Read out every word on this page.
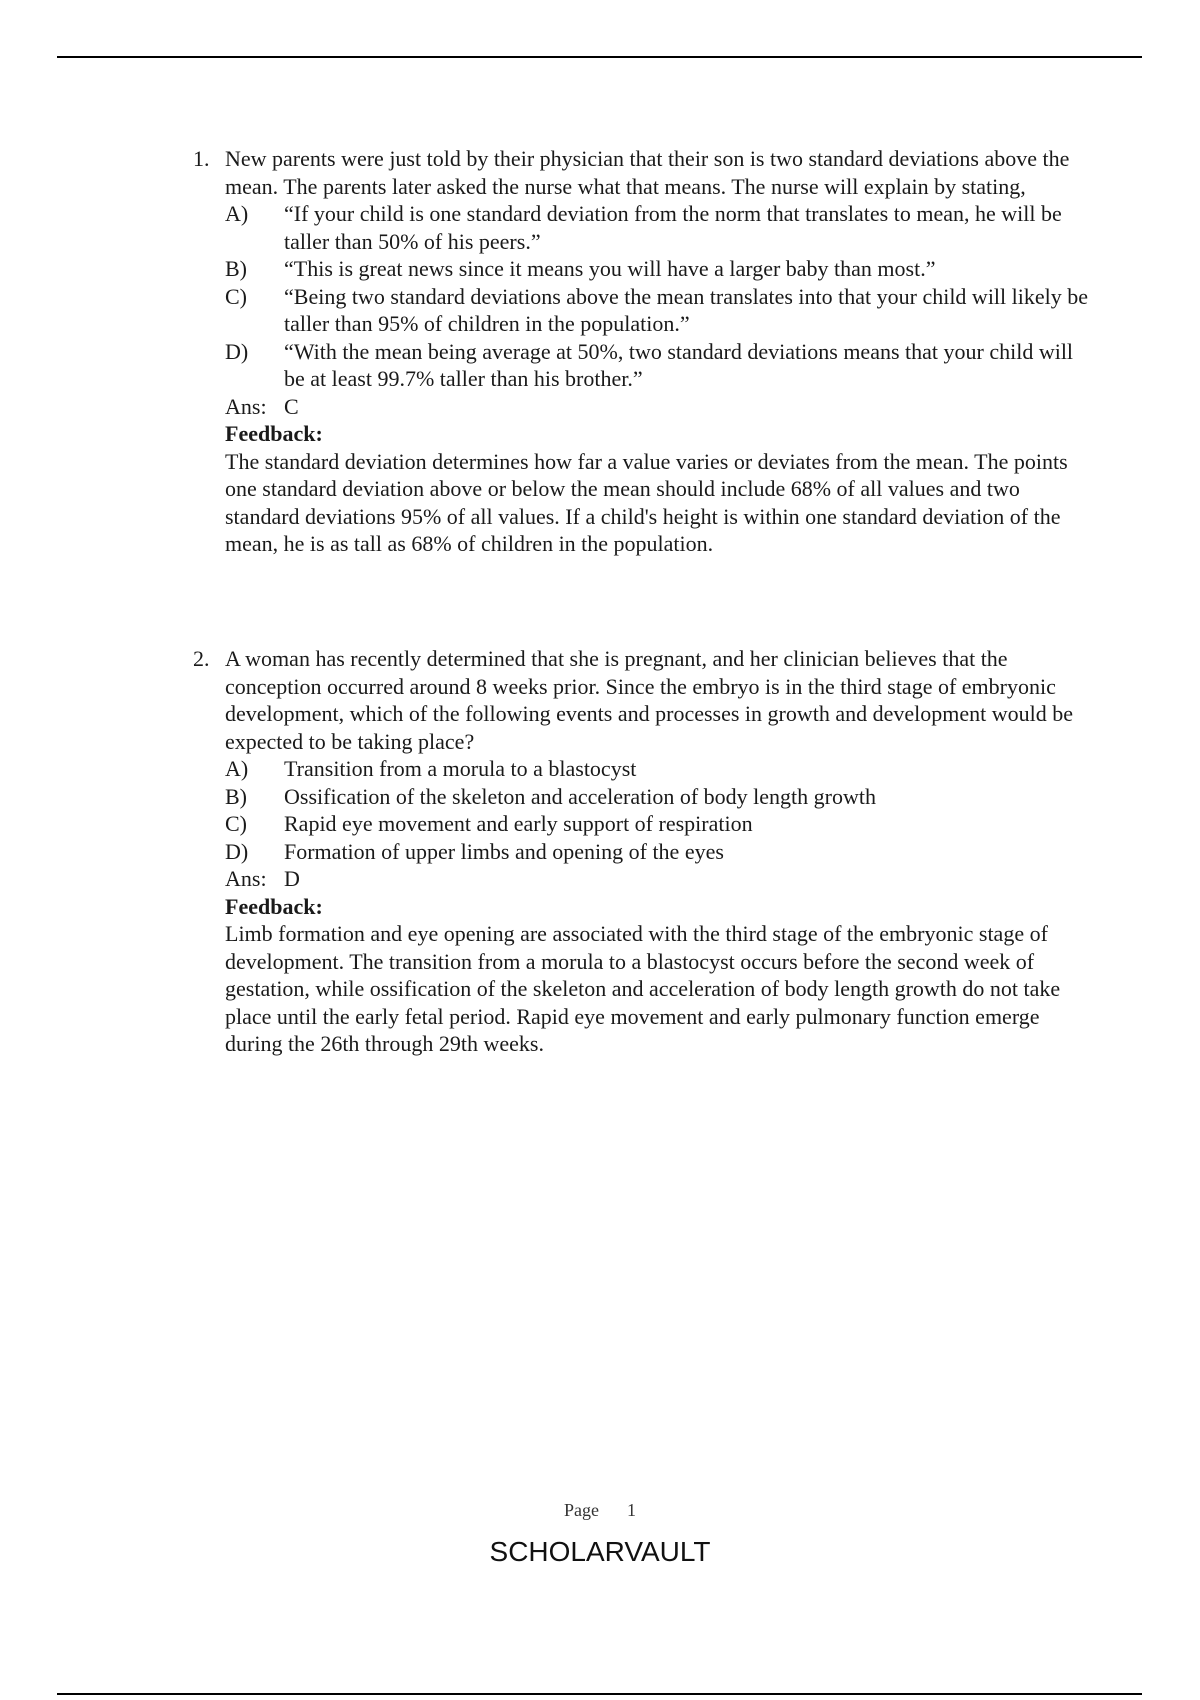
1. New parents were just told by their physician that their son is two standard deviations above the mean. The parents later asked the nurse what that means. The nurse will explain by stating,

A) “If your child is one standard deviation from the norm that translates to mean, he will be taller than 50% of his peers.”
B) “This is great news since it means you will have a larger baby than most.”
C) “Being two standard deviations above the mean translates into that your child will likely be taller than 95% of children in the population.”
D) “With the mean being average at 50%, two standard deviations means that your child will be at least 99.7% taller than his brother.”
Ans: C
Feedback:
The standard deviation determines how far a value varies or deviates from the mean. The points one standard deviation above or below the mean should include 68% of all values and two standard deviations 95% of all values. If a child's height is within one standard deviation of the mean, he is as tall as 68% of children in the population.
2. A woman has recently determined that she is pregnant, and her clinician believes that the conception occurred around 8 weeks prior. Since the embryo is in the third stage of embryonic development, which of the following events and processes in growth and development would be expected to be taking place?

A) Transition from a morula to a blastocyst
B) Ossification of the skeleton and acceleration of body length growth
C) Rapid eye movement and early support of respiration
D) Formation of upper limbs and opening of the eyes
Ans: D
Feedback:
Limb formation and eye opening are associated with the third stage of the embryonic stage of development. The transition from a morula to a blastocyst occurs before the second week of gestation, while ossification of the skeleton and acceleration of body length growth do not take place until the early fetal period. Rapid eye movement and early pulmonary function emerge during the 26th through 29th weeks.
Page 1
SCHOLARVAULT
